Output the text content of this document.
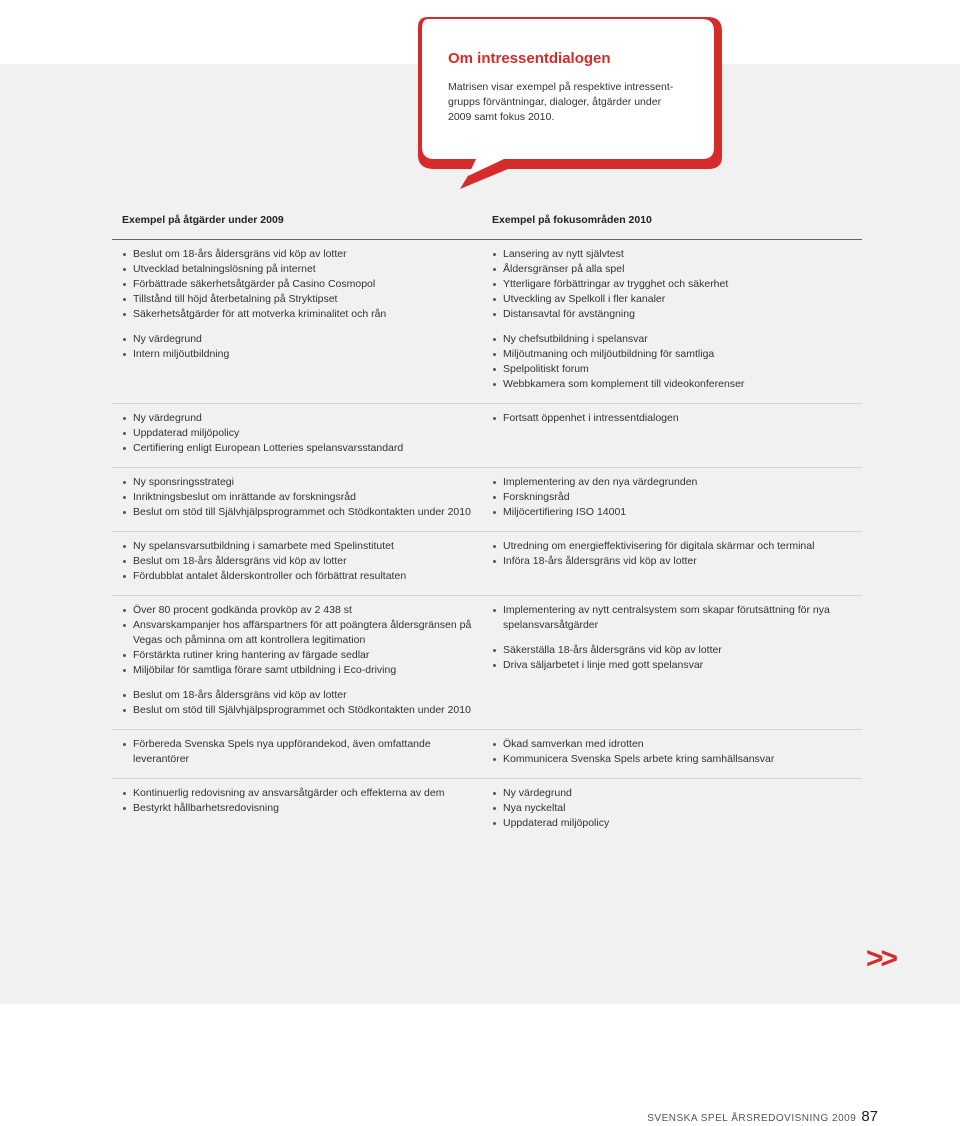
Om intressentdialogen

Matrisen visar exempel på respektive intressent-grupps förväntningar, dialoger, åtgärder under 2009 samt fokus 2010.

Exempel på åtgärder under 2009	Exempel på fokusområden 2010
Beslut om 18-års åldersgräns vid köp av lotter
Utvecklad betalningslösning på internet
Förbättrade säkerhetsåtgärder på Casino Cosmopol
Tillstånd till höjd återbetalning på Stryktipset
Säkerhetsåtgärder för att motverka kriminalitet och rån
Ny värdegrund
Intern miljöutbildning
Lansering av nytt självtest
Åldersgränser på alla spel
Ytterligare förbättringar av trygghet och säkerhet
Utveckling av Spelkoll i fler kanaler
Distansavtal för avstängning
Ny chefsutbildning i spelansvar
Miljöutmaning och miljöutbildning för samtliga
Spelpolitiskt forum
Webbkamera som komplement till videokonferenser
Ny värdegrund
Uppdaterad miljöpolicy
Certifiering enligt European Lotteries spelansvarsstandard
Fortsatt öppenhet i intressentdialogen
Ny sponsringsstrategi
Inriktningsbeslut om inrättande av forskningsråd
Beslut om stöd till Självhjälpsprogrammet och Stödkontakten under 2010
Implementering av den nya värdegrunden
Forskningsråd
Miljöcertifiering ISO 14001
Ny spelansvarsutbildning i samarbete med Spelinstitutet
Beslut om 18-års åldersgräns vid köp av lotter
Fördubblat antalet ålderskontroller och förbättrat resultaten
Utredning om energieffektivisering för digitala skärmar och terminal
Införa 18-års åldersgräns vid köp av lotter
Över 80 procent godkända provköp av 2 438 st
Ansvarskampanjer hos affärspartners för att poängtera åldersgränsen på Vegas och påminna om att kontrollera legitimation
Förstärkta rutiner kring hantering av färgade sedlar
Miljöbilar för samtliga förare samt utbildning i Eco-driving
Beslut om 18-års åldersgräns vid köp av lotter
Beslut om stöd till Självhjälpsprogrammet och Stödkontakten under 2010
Implementering av nytt centralsystem som skapar förutsättning för nya spelansvarsåtgärder
Säkerställa 18-års åldersgräns vid köp av lotter
Driva säljarbetet i linje med gott spelansvar
Förbereda Svenska Spels nya uppförandekod, även omfattande leverantörer
Ökad samverkan med idrotten
Kommunicera Svenska Spels arbete kring samhällsansvar
Kontinuerlig redovisning av ansvarsåtgärder och effekterna av dem
Bestyrkt hållbarhetsredovisning
Ny värdegrund
Nya nyckeltal
Uppdaterad miljöpolicy
>>
SVENSKA SPEL ÅRSREDOVISNING 2009 87
